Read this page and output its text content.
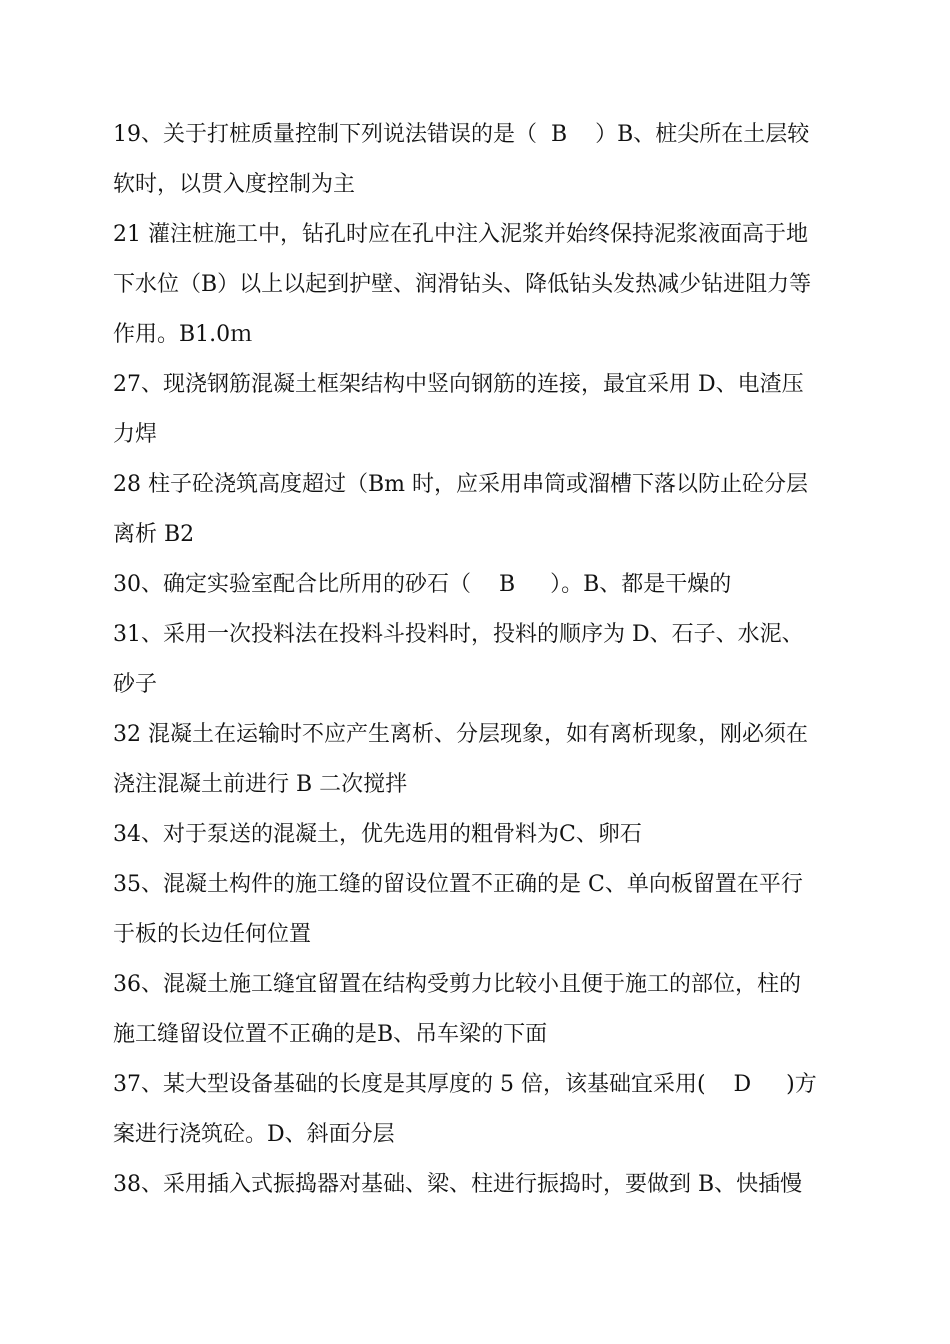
19、关于打桩质量控制下列说法错误的是（  B    ）B、桩尖所在土层较
软时，以贯入度控制为主
21 灌注桩施工中，钻孔时应在孔中注入泥浆并始终保持泥浆液面高于地
下水位（B）以上以起到护壁、润滑钻头、降低钻头发热减少钻进阻力等
作用。B1.0ｍ
27、现浇钢筋混凝土框架结构中竖向钢筋的连接，最宜采用 D、电渣压
力焊
28 柱子砼浇筑高度超过（Bm 时，应采用串筒或溜槽下落以防止砼分层
离析 B2
30、确定实验室配合比所用的砂石（    B     ）。B、都是干燥的
31、采用一次投料法在投料斗投料时，投料的顺序为 D、石子、水泥、
砂子
32 混凝土在运输时不应产生离析、分层现象，如有离析现象，刚必须在
浇注混凝土前进行 B 二次搅拌
34、对于泵送的混凝土，优先选用的粗骨料为C、卵石
35、混凝土构件的施工缝的留设位置不正确的是 C、单向板留置在平行
于板的长边任何位置
36、混凝土施工缝宜留置在结构受剪力比较小且便于施工的部位，柱的
施工缝留设位置不正确的是B、吊车梁的下面
37、某大型设备基础的长度是其厚度的 5 倍，该基础宜采用(    D     )方
案进行浇筑砼。D、斜面分层
38、采用插入式振捣器对基础、梁、柱进行振捣时，要做到 B、快插慢
